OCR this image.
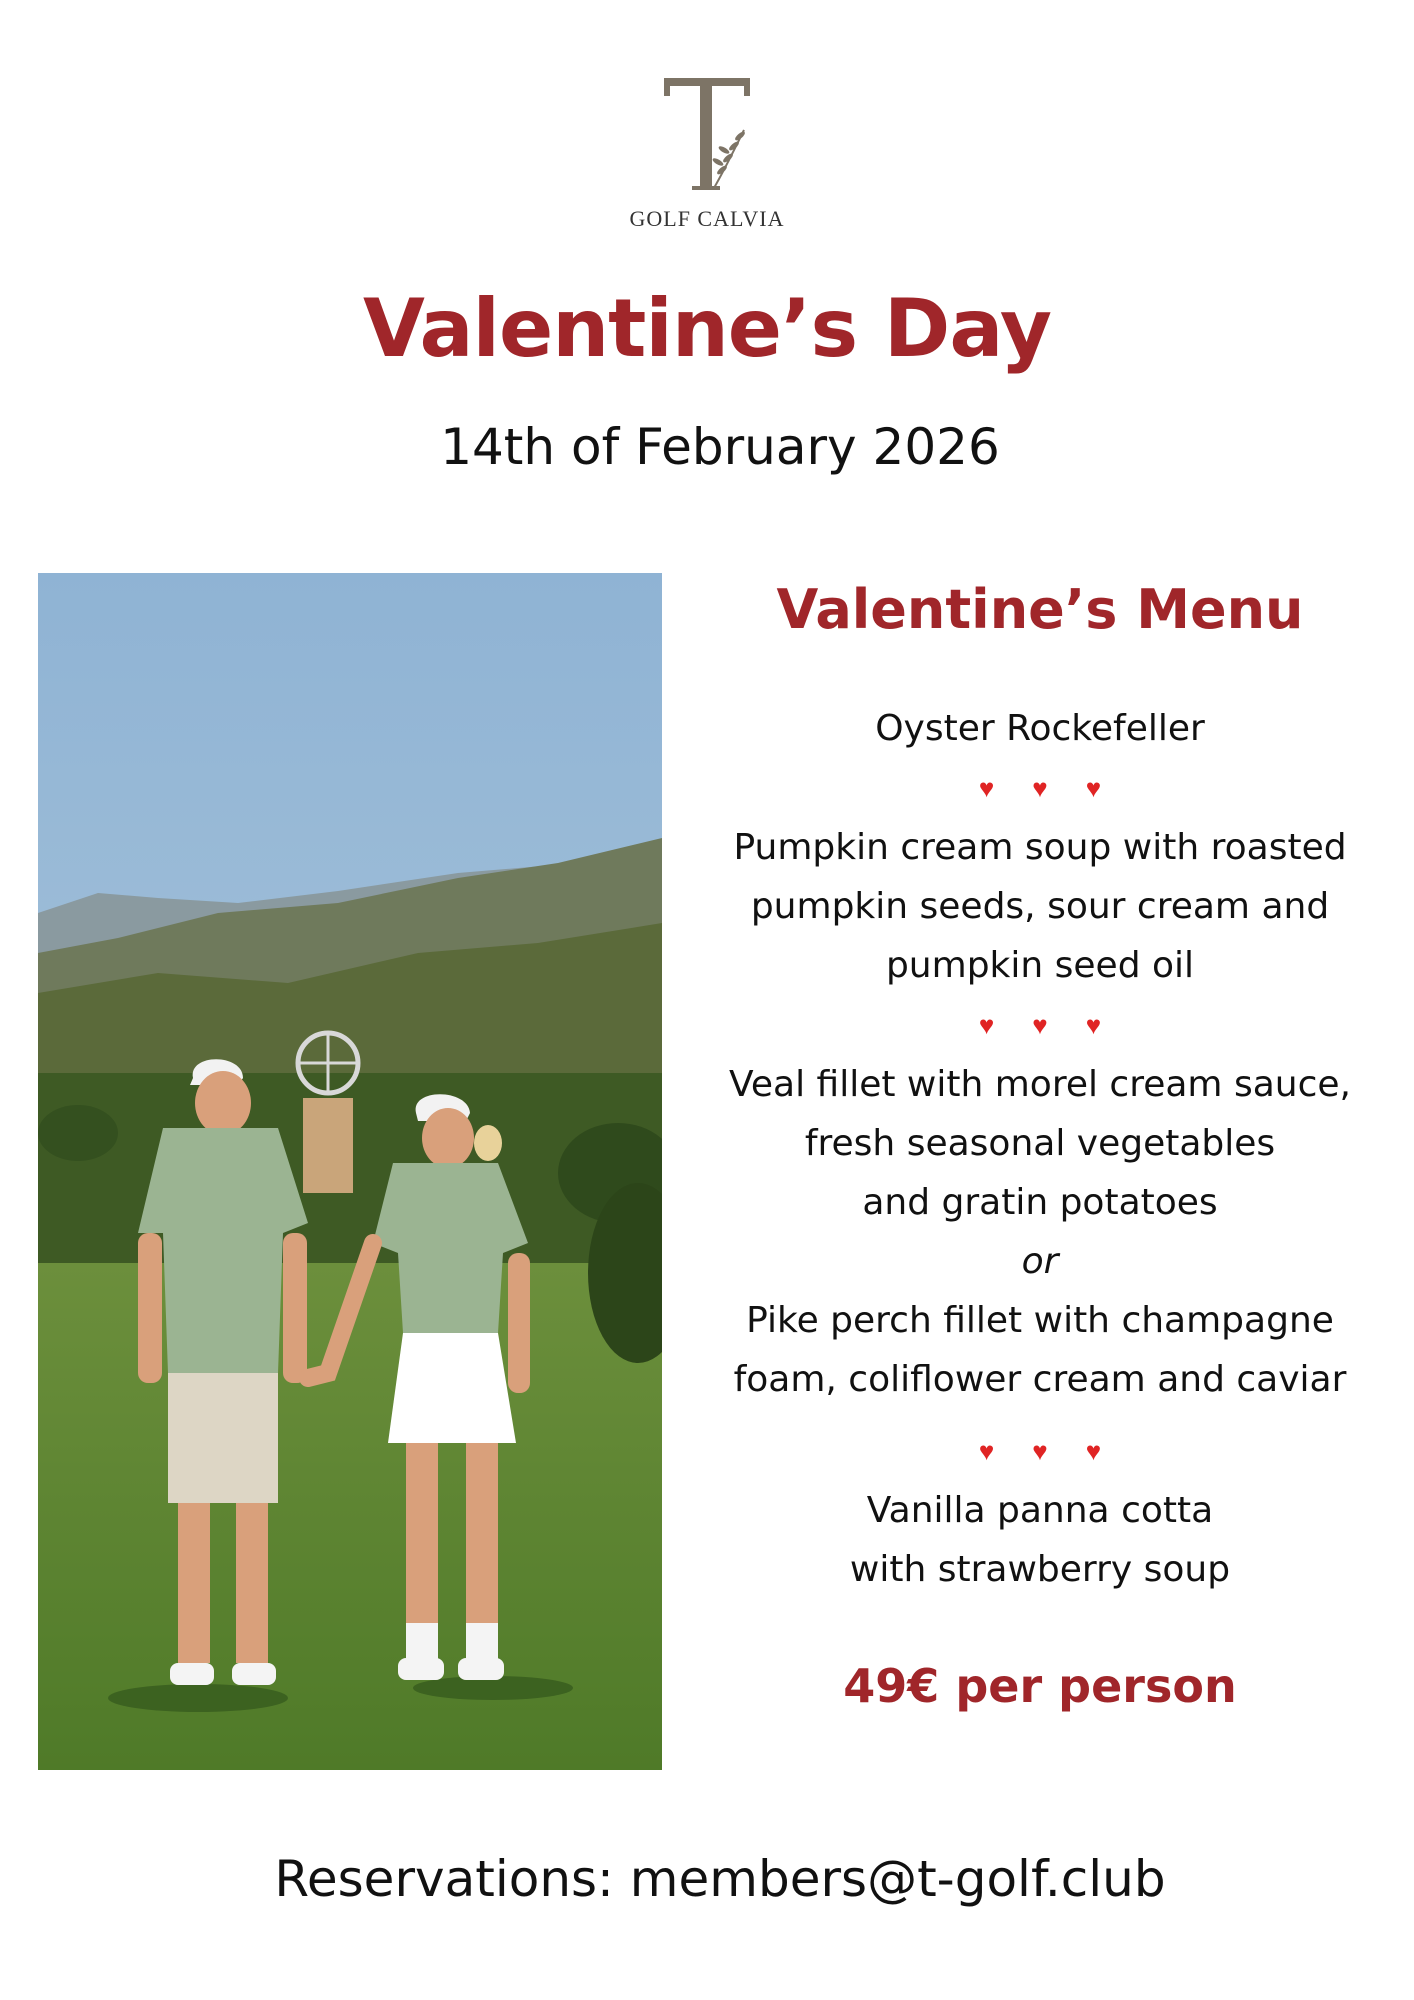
GOLF CALVIA
Valentine’s Day
14th of February 2026
Valentine’s Menu
Oyster Rockefeller
♥ ♥ ♥
Pumpkin cream soup with roasted
pumpkin seeds, sour cream and
pumpkin seed oil
♥ ♥ ♥
Veal fillet with morel cream sauce,
fresh seasonal vegetables
and gratin potatoes
or
Pike perch fillet with champagne
foam, coliflower cream and caviar
♥ ♥ ♥
Vanilla panna cotta
with strawberry soup
49€ per person
Reservations: members@t-golf.club
